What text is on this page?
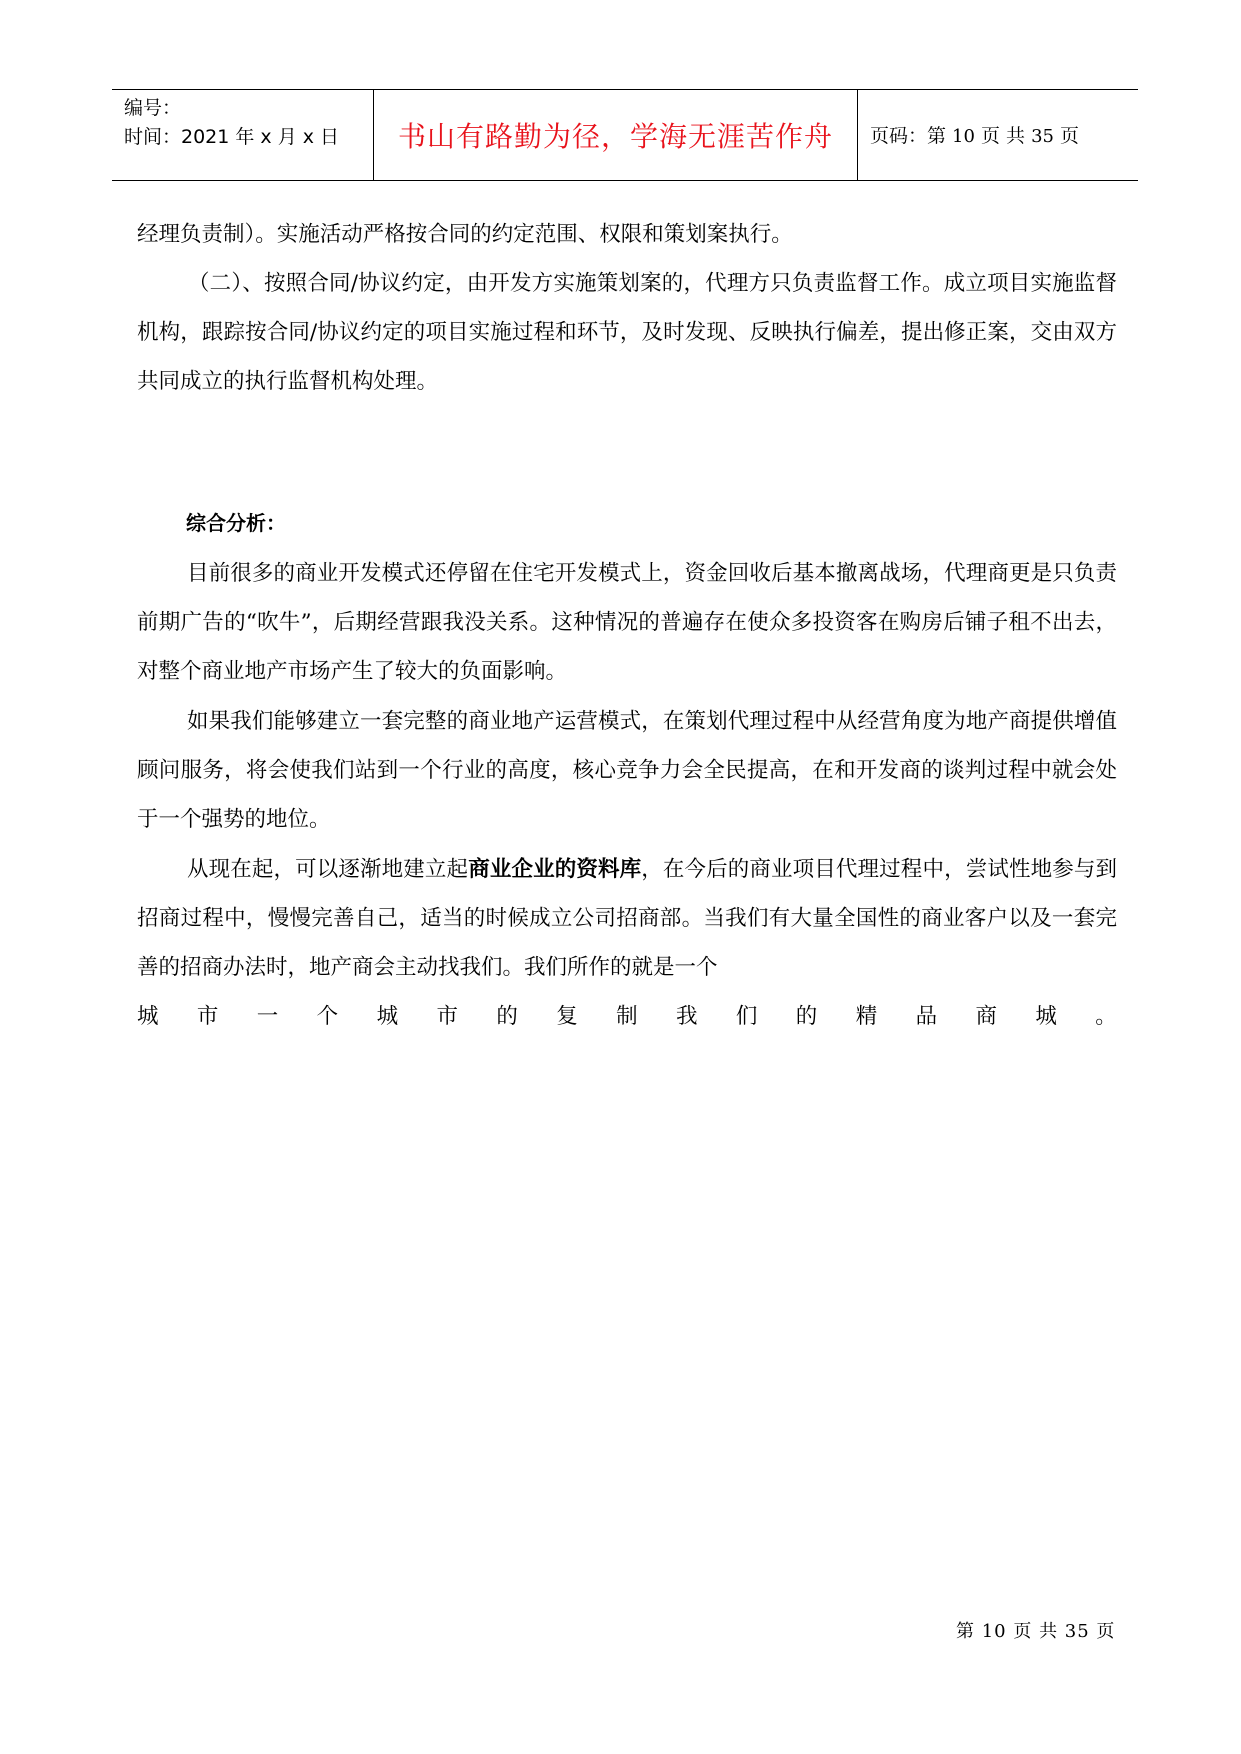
编号：
时间：2021 年 x 月 x 日	书山有路勤为径，学海无涯苦作舟	页码：第 10 页 共 35 页
经理负责制）。实施活动严格按合同的约定范围、权限和策划案执行。
（二）、按照合同/协议约定，由开发方实施策划案的，代理方只负责监督工作。成立项目实施监督机构，跟踪按合同/协议约定的项目实施过程和环节，及时发现、反映执行偏差，提出修正案，交由双方共同成立的执行监督机构处理。
综合分析：
目前很多的商业开发模式还停留在住宅开发模式上，资金回收后基本撤离战场，代理商更是只负责前期广告的“吹牛”，后期经营跟我没关系。这种情况的普遍存在使众多投资客在购房后铺子租不出去，对整个商业地产市场产生了较大的负面影响。
如果我们能够建立一套完整的商业地产运营模式，在策划代理过程中从经营角度为地产商提供增值顾问服务，将会使我们站到一个行业的高度，核心竞争力会全民提高，在和开发商的谈判过程中就会处于一个强势的地位。
从现在起，可以逐渐地建立起商业企业的资料库，在今后的商业项目代理过程中，尝试性地参与到招商过程中，慢慢完善自己，适当的时候成立公司招商部。当我们有大量全国性的商业客户以及一套完善的招商办法时，地产商会主动找我们。我们所作的就是一个
城 市 一 个 城 市 的 复 制 我 们 的 精 品 商 城 。
第 10 页 共 35 页
